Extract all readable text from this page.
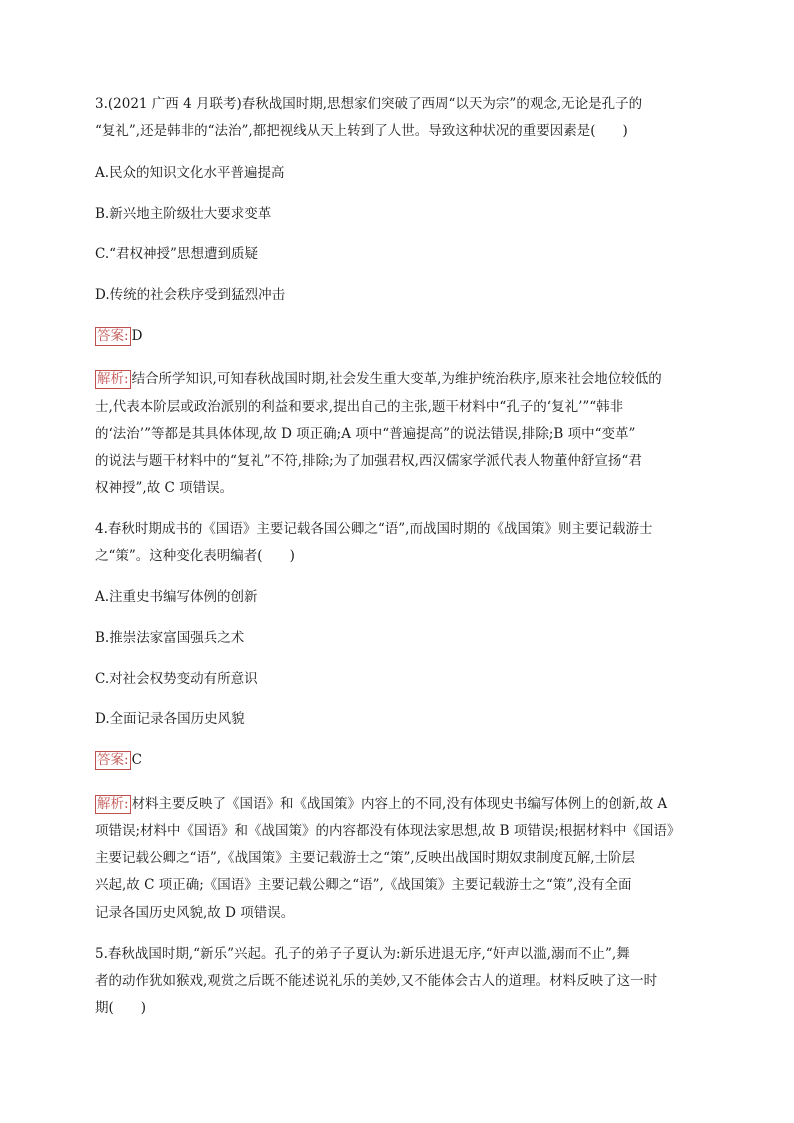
3.(2021 广西 4 月联考)春秋战国时期,思想家们突破了西周“以天为宗”的观念,无论是孔子的
“复礼”,还是韩非的“法治”,都把视线从天上转到了人世。导致这种状况的重要因素是(　　)
A.民众的知识文化水平普遍提高
B.新兴地主阶级壮大要求变革
C.“君权神授”思想遭到质疑
D.传统的社会秩序受到猛烈冲击
答案: D
解析: 结合所学知识,可知春秋战国时期,社会发生重大变革,为维护统治秩序,原来社会地位较低的
士,代表本阶层或政治派别的利益和要求,提出自己的主张,题干材料中“孔子的‘复礼’”“韩非
的‘法治’”等都是其具体体现,故 D 项正确;A 项中“普遍提高”的说法错误,排除;B 项中“变革”
的说法与题干材料中的“复礼”不符,排除;为了加强君权,西汉儒家学派代表人物董仲舒宣扬“君
权神授”,故 C 项错误。
4.春秋时期成书的《国语》主要记载各国公卿之“语”,而战国时期的《战国策》则主要记载游士
之“策”。这种变化表明编者(　　)
A.注重史书编写体例的创新
B.推崇法家富国强兵之术
C.对社会权势变动有所意识
D.全面记录各国历史风貌
答案: C
解析: 材料主要反映了《国语》和《战国策》内容上的不同,没有体现史书编写体例上的创新,故 A
项错误;材料中《国语》和《战国策》的内容都没有体现法家思想,故 B 项错误;根据材料中《国语》
主要记载公卿之“语”,《战国策》主要记载游士之“策”,反映出战国时期奴隶制度瓦解,士阶层
兴起,故 C 项正确;《国语》主要记载公卿之“语”,《战国策》主要记载游士之“策”,没有全面
记录各国历史风貌,故 D 项错误。
5.春秋战国时期,“新乐”兴起。孔子的弟子子夏认为:新乐进退无序,“奸声以滥,溺而不止”,舞
者的动作犹如猴戏,观赏之后既不能述说礼乐的美妙,又不能体会古人的道理。材料反映了这一时
期(　　)
